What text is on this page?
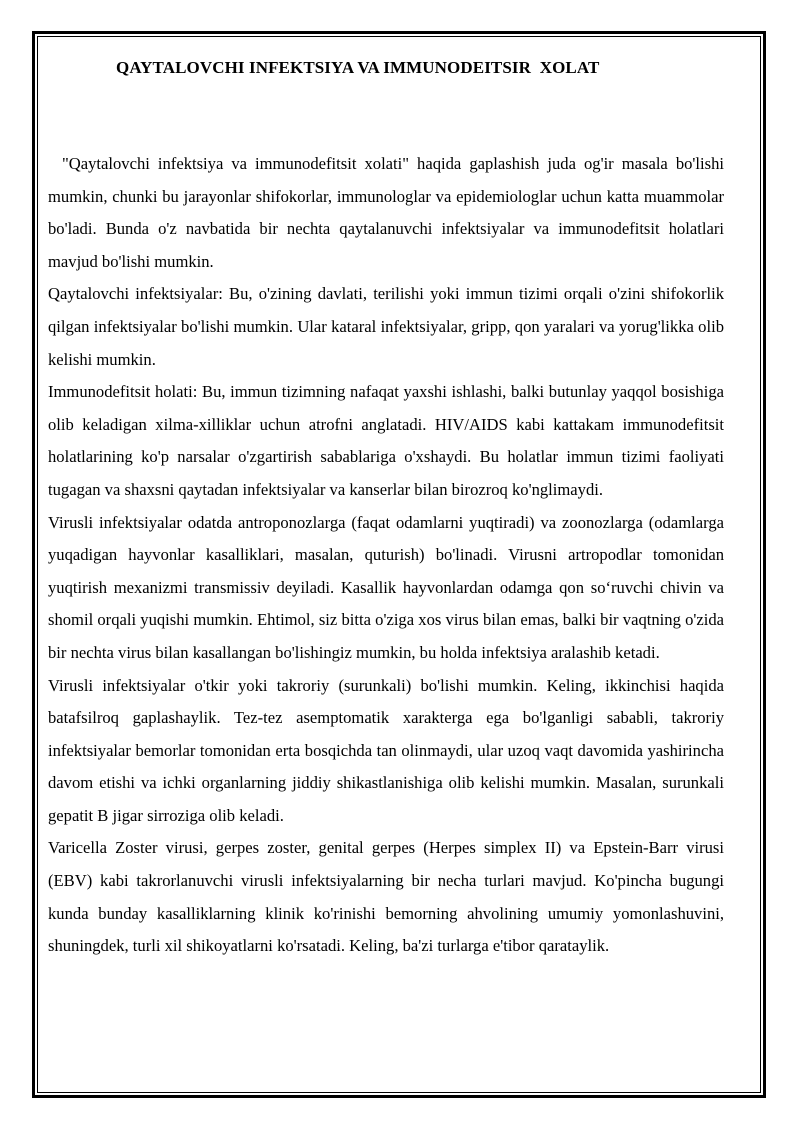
QAYTALOVCHI INFEKTSIYA VA IMMUNODEITSIR  XOLAT

"Qaytalovchi infektsiya va immunodefitsit xolati" haqida gaplashish juda og'ir masala bo'lishi mumkin, chunki bu jarayonlar shifokorlar, immunologlar va epidemiologlar uchun katta muammolar bo'ladi. Bunda o'z navbatida bir nechta qaytalanuvchi infektsiyalar va immunodefitsit holatlari mavjud bo'lishi mumkin.

Qaytalovchi infektsiyalar: Bu, o'zining davlati, terilishi yoki immun tizimi orqali o'zini shifokorlik qilgan infektsiyalar bo'lishi mumkin. Ular kataral infektsiyalar, gripp, qon yaralari va yorug'likka olib kelishi mumkin.

Immunodefitsit holati: Bu, immun tizimning nafaqat yaxshi ishlashi, balki butunlay yaqqol bosishiga olib keladigan xilma-xilliklar uchun atrofni anglatadi. HIV/AIDS kabi kattakam immunodefitsit holatlarining ko'p narsalar o'zgartirish sabablariga o'xshaydi. Bu holatlar immun tizimi faoliyati tugagan va shaxsni qaytadan infektsiyalar va kanserlar bilan birozroq ko'nglimaydi.

Virusli infektsiyalar odatda antroponozlarga (faqat odamlarni yuqtiradi) va zoonozlarga (odamlarga yuqadigan hayvonlar kasalliklari, masalan, quturish) bo'linadi. Virusni artropodlar tomonidan yuqtirish mexanizmi transmissiv deyiladi. Kasallik hayvonlardan odamga qon so‘ruvchi chivin va shomil orqali yuqishi mumkin. Ehtimol, siz bitta o'ziga xos virus bilan emas, balki bir vaqtning o'zida bir nechta virus bilan kasallangan bo'lishingiz mumkin, bu holda infektsiya aralashib ketadi.

Virusli infektsiyalar o'tkir yoki takroriy (surunkali) bo'lishi mumkin. Keling, ikkinchisi haqida batafsilroq gaplashaylik. Tez-tez asemptomatik xarakterga ega bo'lganligi sababli, takroriy infektsiyalar bemorlar tomonidan erta bosqichda tan olinmaydi, ular uzoq vaqt davomida yashirincha davom etishi va ichki organlarning jiddiy shikastlanishiga olib kelishi mumkin. Masalan, surunkali gepatit B jigar sirroziga olib keladi.

Varicella Zoster virusi, gerpes zoster, genital gerpes (Herpes simplex II) va Epstein-Barr virusi (EBV) kabi takrorlanuvchi virusli infektsiyalarning bir necha turlari mavjud. Ko'pincha bugungi kunda bunday kasalliklarning klinik ko'rinishi bemorning ahvolining umumiy yomonlashuvini, shuningdek, turli xil shikoyatlarni ko'rsatadi. Keling, ba'zi turlarga e'tibor qarataylik.
